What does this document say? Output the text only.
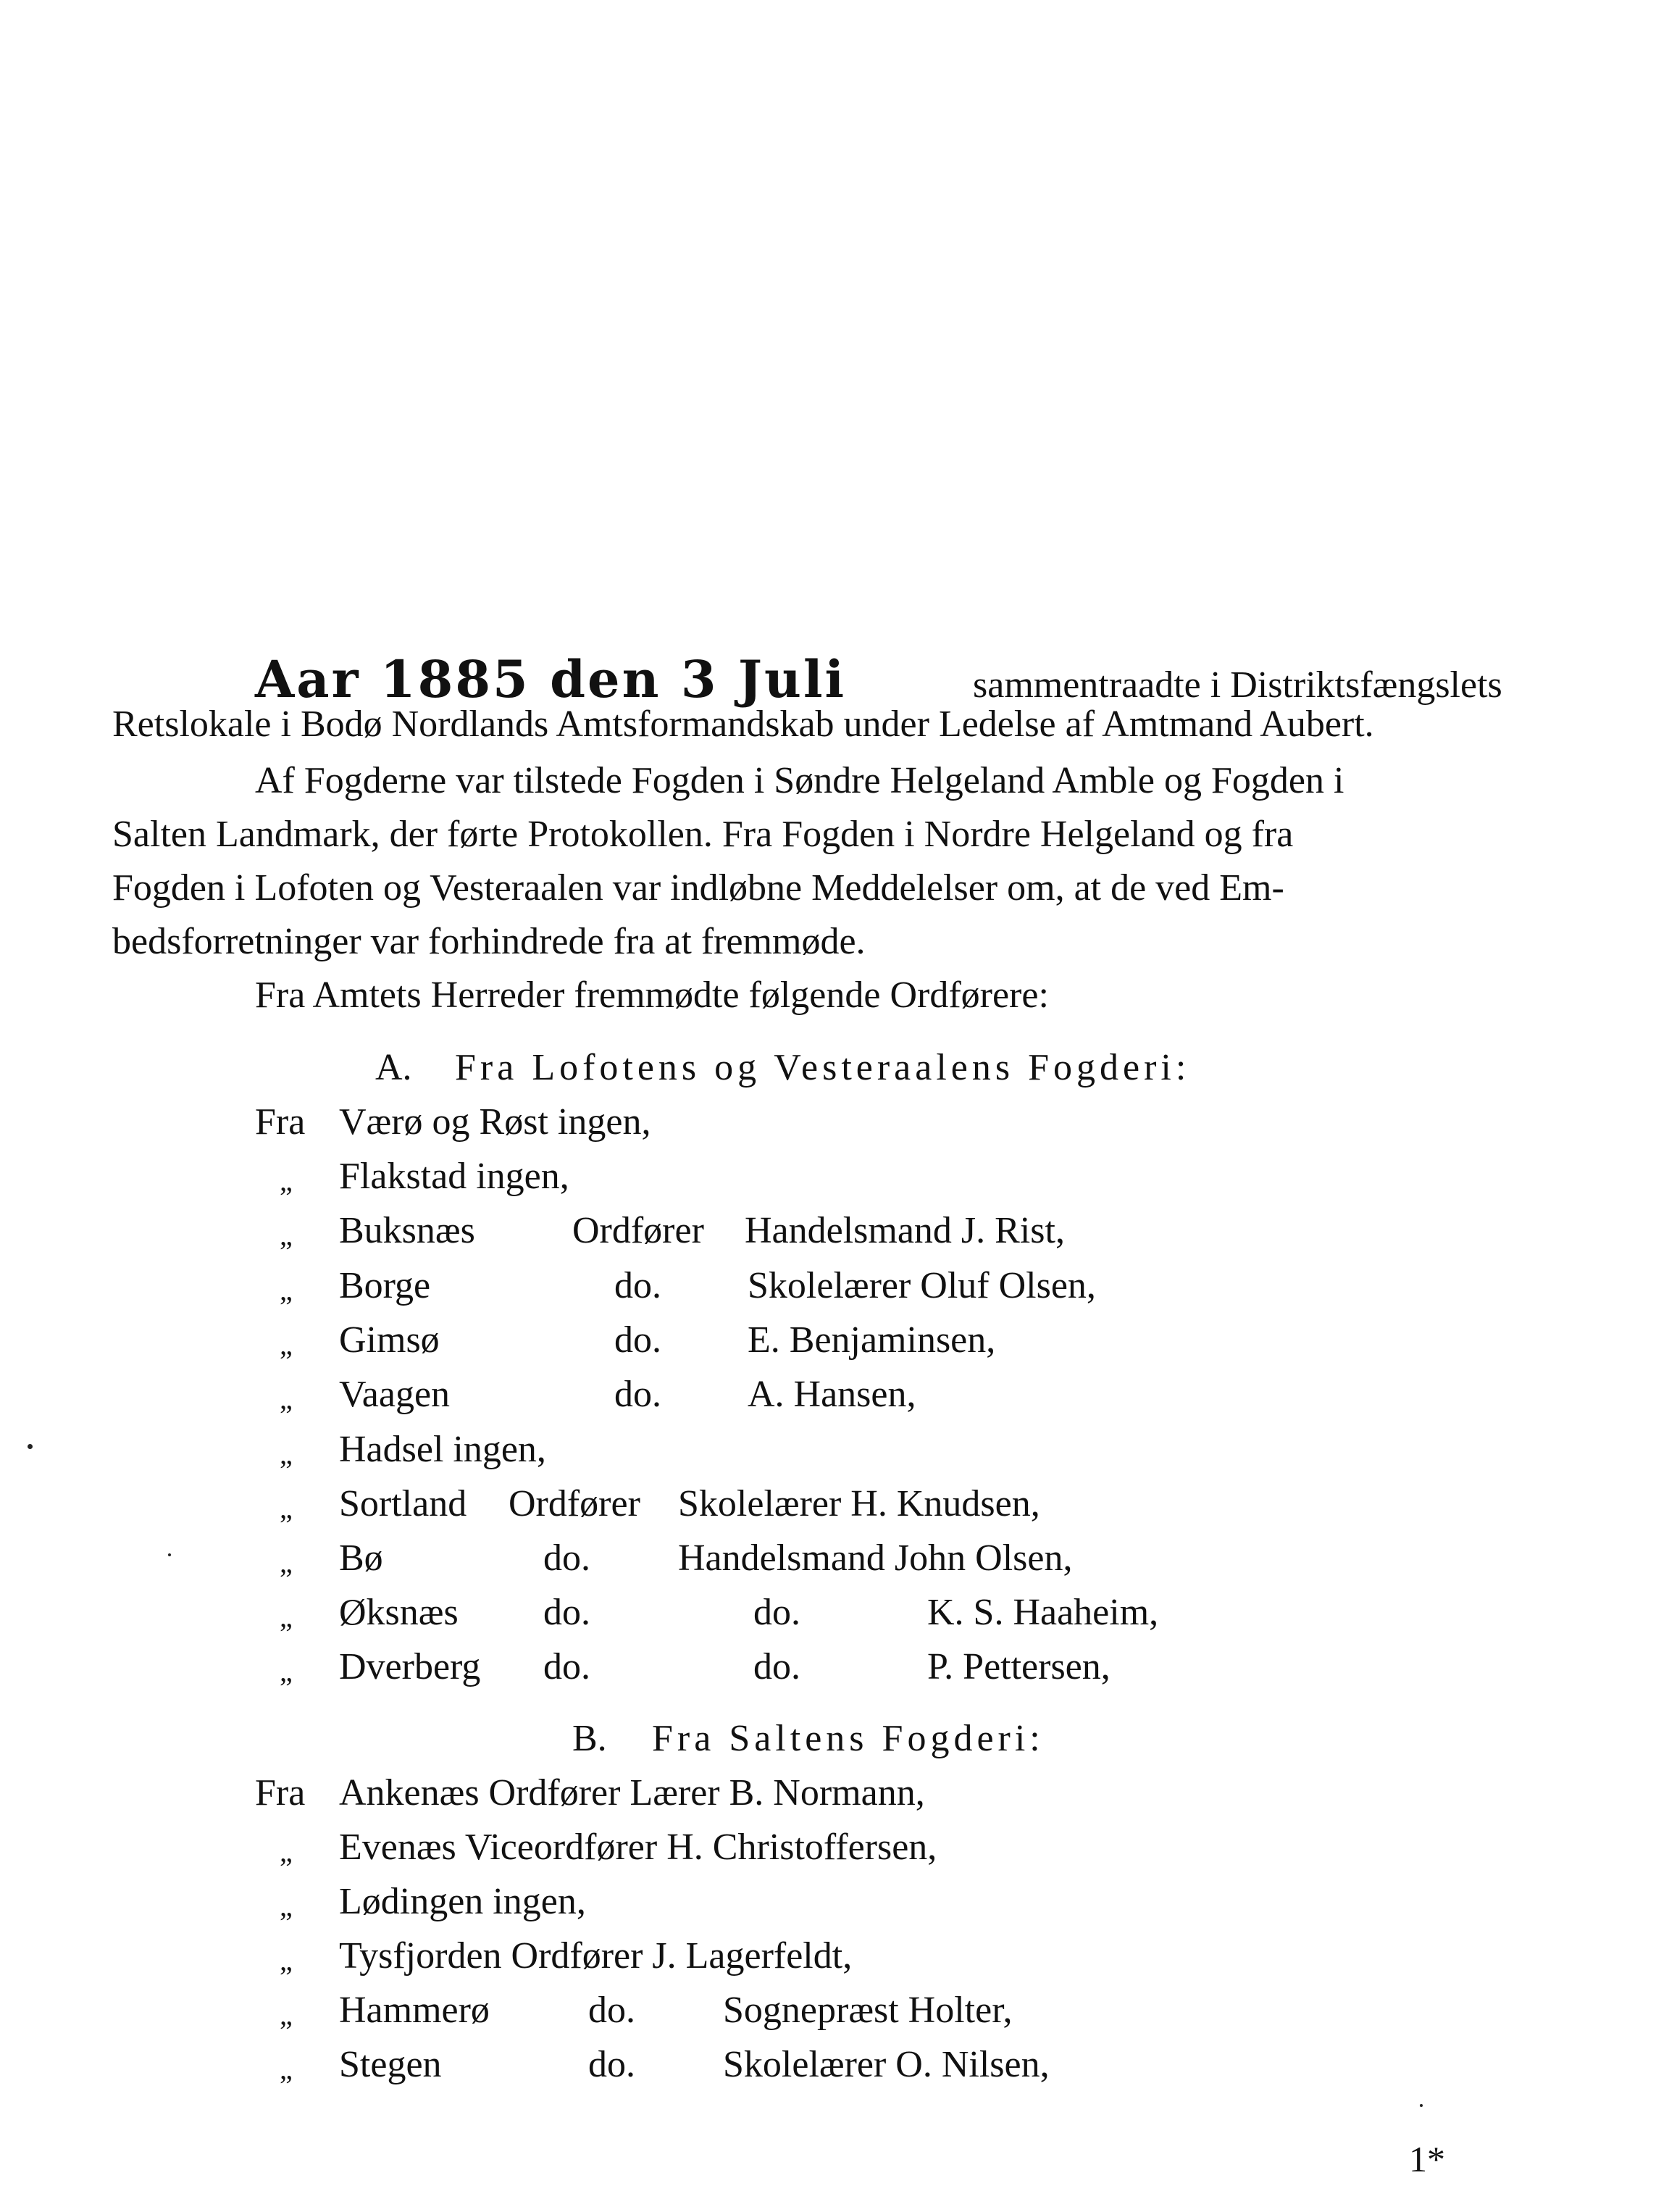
Aar 1885 den 3 Juli	sammentraadte i Distriktsfængslets
Retslokale i Bodø Nordlands Amtsformandskab under Ledelse af Amtmand Aubert.
Af Fogderne var tilstede Fogden i Søndre Helgeland Amble og Fogden i
Salten Landmark, der førte Protokollen. Fra Fogden i Nordre Helgeland og fra
Fogden i Lofoten og Vesteraalen var indløbne Meddelelser om, at de ved Em-
bedsforretninger var forhindrede fra at fremmøde.
Fra Amtets Herreder fremmødte følgende Ordførere:
A. Fra Lofotens og Vesteraalens Fogderi:
Fra Værø og Røst ingen,
„ Flakstad ingen,
„ Buksnæs	Ordfører Handelsmand J. Rist,
„ Borge	do. Skolelærer Oluf Olsen,
„ Gimsø	do. E. Benjaminsen,
„ Vaagen	do. A. Hansen,
„ Hadsel ingen,
„ Sortland Ordfører Skolelærer H. Knudsen,
„ Bø	do. Handelsmand John Olsen,
„ Øksnæs do.	do.	K. S. Haaheim,
„ Dverberg do.	do.	P. Pettersen,
B. Fra Saltens Fogderi:
Fra Ankenæs Ordfører Lærer B. Normann,
„ Evenæs Viceordfører H. Christoffersen,
„ Lødingen ingen,
„ Tysfjorden Ordfører J. Lagerfeldt,
„ Hammerø	do. Sognepræst Holter,
„ Stegen	do. Skolelærer O. Nilsen,
1*
